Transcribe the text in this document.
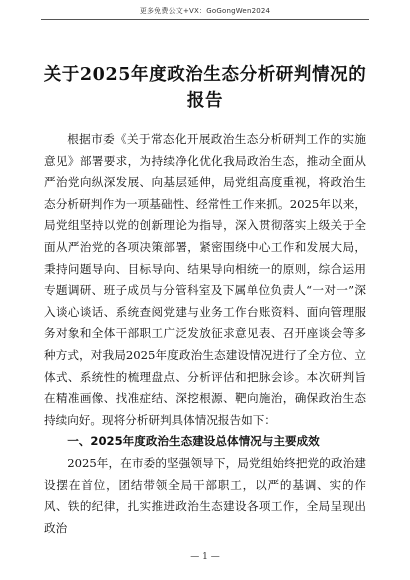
更多免费公文+VX：GoGongWen2024
关于2025年度政治生态分析研判情况的报告

根据市委《关于常态化开展政治生态分析研判工作的实施意见》部署要求，为持续净化优化我局政治生态，推动全面从严治党向纵深发展、向基层延伸，局党组高度重视，将政治生态分析研判作为一项基础性、经常性工作来抓。2025年以来，局党组坚持以党的创新理论为指导，深入贯彻落实上级关于全面从严治党的各项决策部署，紧密围绕中心工作和发展大局，秉持问题导向、目标导向、结果导向相统一的原则，综合运用专题调研、班子成员与分管科室及下属单位负责人“一对一”深入谈心谈话、系统查阅党建与业务工作台账资料、面向管理服务对象和全体干部职工广泛发放征求意见表、召开座谈会等多种方式，对我局2025年度政治生态建设情况进行了全方位、立体式、系统性的梳理盘点、分析评估和把脉会诊。本次研判旨在精准画像、找准症结、深挖根源、靶向施治，确保政治生态持续向好。现将分析研判具体情况报告如下：

一、2025年度政治生态建设总体情况与主要成效

2025年，在市委的坚强领导下，局党组始终把党的政治建设摆在首位，团结带领全局干部职工，以严的基调、实的作风、铁的纪律，扎实推进政治生态建设各项工作，全局呈现出政治

— 1 —
